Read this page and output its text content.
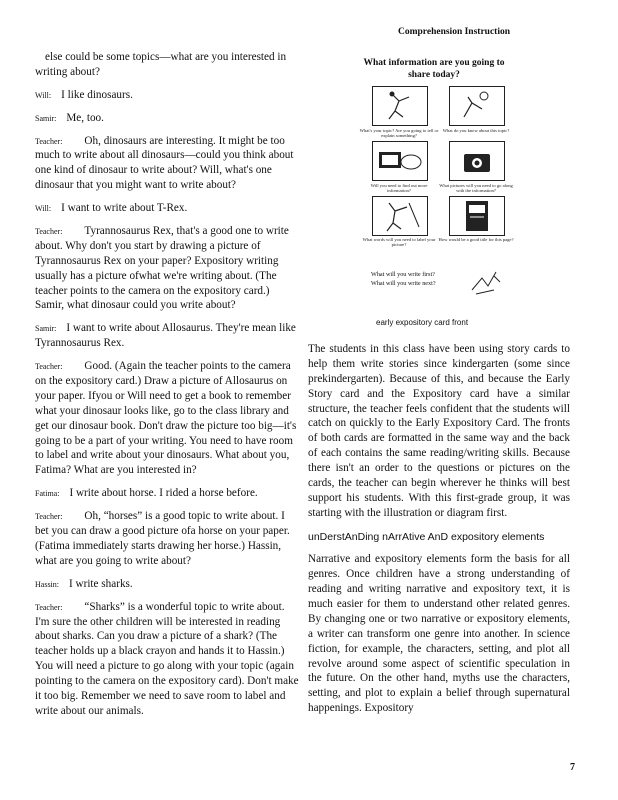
Comprehension Instruction

else could be some topics—what are you interested in writing about?

Will: I like dinosaurs.

Samir: Me, too.

Teacher: Oh, dinosaurs are interesting. It might be too much to write about all dinosaurs—could you think about one kind of dinosaur to write about? Will, what's one dinosaur that you might want to write about?

Will: I want to write about T-Rex.

Teacher: Tyrannosaurus Rex, that's a good one to write about. Why don't you start by drawing a picture of Tyrannosaurus Rex on your paper? Expository writing usually has a picture ofwhat we're writing about. (The teacher points to the camera on the expository card.) Samir, what dinosaur could you write about?

Samir: I want to write about Allosaurus. They're mean like Tyrannosaurus Rex.

Teacher: Good. (Again the teacher points to the camera on the expository card.) Draw a picture of Allosaurus on your paper. Ifyou or Will need to get a book to remember what your dinosaur looks like, go to the class library and get our dinosaur book. Don't draw the picture too big—it's going to be a part of your writing. You need to have room to label and write about your dinosaurs. What about you, Fatima? What are you interested in?

Fatima: I write about horse. I rided a horse before.

Teacher: Oh, “horses” is a good topic to write about. I bet you can draw a good picture ofa horse on your paper. (Fatima immediately starts drawing her horse.) Hassin, what are you going to write about?

Hassin: I write sharks.

Teacher: “Sharks” is a wonderful topic to write about. I'm sure the other children will be interested in reading about sharks. Can you draw a picture of a shark? (The teacher holds up a black crayon and hands it to Hassin.) You will need a picture to go along with your topic (again pointing to the camera on the expository card). Don't make it too big. Remember we need to save room to label and write about our animals.

What information are you going to share today?
What's your topic? Are you going to tell or explain something?
What do you know about this topic?
Will you need to find out more information?
What pictures will you need to go along with the information?
What words will you need to label your picture?
How would be a good title for this page?
What will you write first?
What will you write next?
early expository card front

The students in this class have been using story cards to help them write stories since kindergarten (some since prekindergarten). Because of this, and because the Early Story card and the Expository card have a similar structure, the teacher feels confident that the students will catch on quickly to the Early Expository Card. The fronts of both cards are formatted in the same way and the back of each contains the same reading/writing skills. Because there isn't an order to the questions or pictures on the cards, the teacher can begin wherever he thinks will best support his students. With this first-grade group, it was starting with the illustration or diagram first.

unDerstAnDing nArrAtive AnD expository elements

Narrative and expository elements form the basis for all genres. Once children have a strong understanding of reading and writing narrative and expository text, it is much easier for them to understand other related genres. By changing one or two narrative or expository elements, a writer can transform one genre into another. In science fiction, for example, the characters, setting, and plot all revolve around some aspect of scientific speculation in the future. On the other hand, myths use the characters, setting, and plot to explain a belief through supernatural happenings. Expository

7
